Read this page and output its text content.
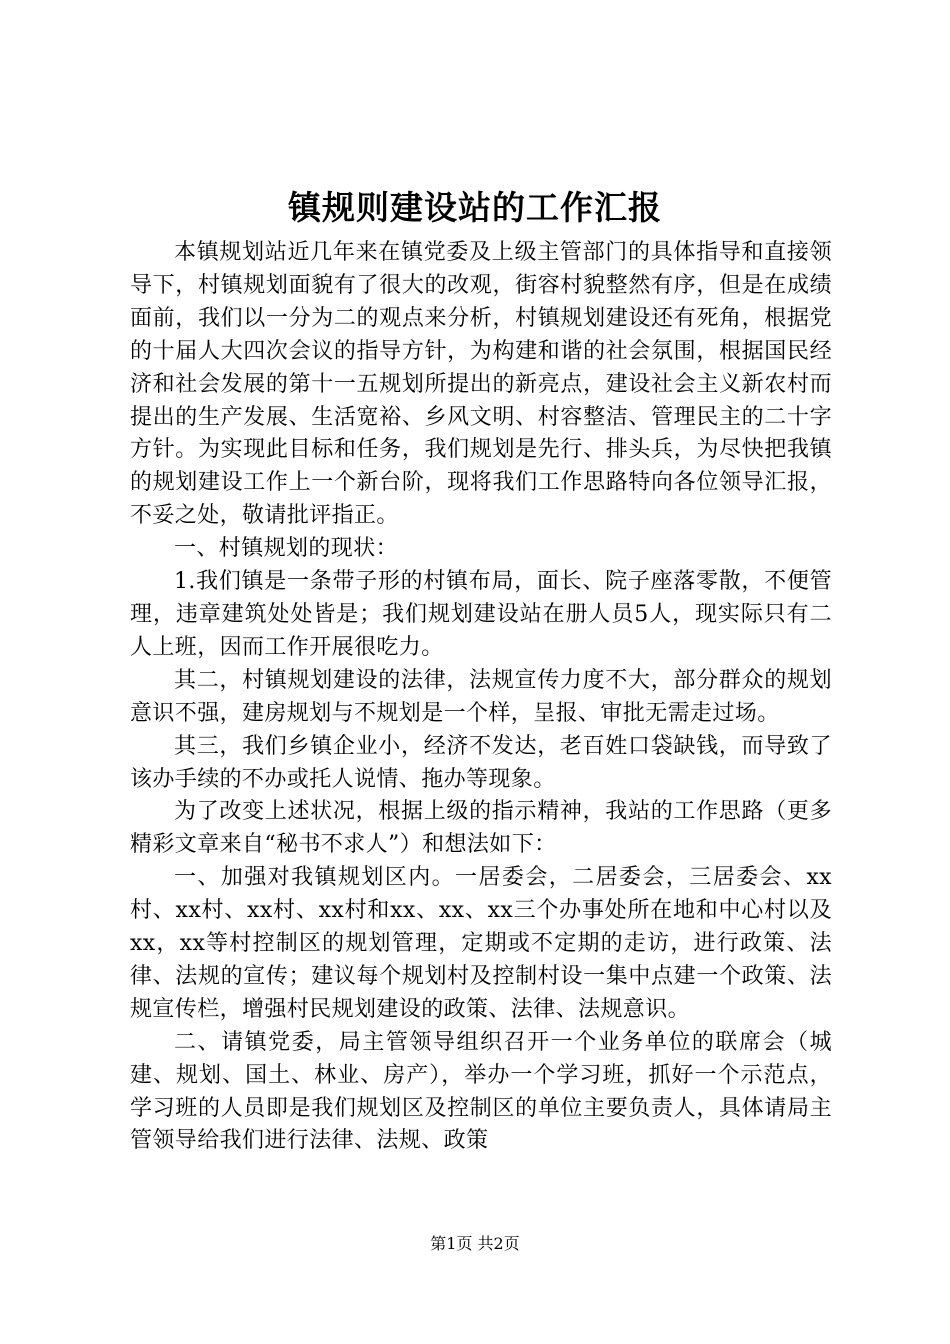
镇规则建设站的工作汇报

本镇规划站近几年来在镇党委及上级主管部门的具体指导和直接领导下，村镇规划面貌有了很大的改观，街容村貌整然有序，但是在成绩面前，我们以一分为二的观点来分析，村镇规划建设还有死角，根据党的十届人大四次会议的指导方针，为构建和谐的社会氛围，根据国民经济和社会发展的第十一五规划所提出的新亮点，建设社会主义新农村而提出的生产发展、生活宽裕、乡风文明、村容整洁、管理民主的二十字方针。为实现此目标和任务，我们规划是先行、排头兵，为尽快把我镇的规划建设工作上一个新台阶，现将我们工作思路特向各位领导汇报，不妥之处，敬请批评指正。

一、村镇规划的现状：

1.我们镇是一条带子形的村镇布局，面长、院子座落零散，不便管理，违章建筑处处皆是；我们规划建设站在册人员5人，现实际只有二人上班，因而工作开展很吃力。

其二，村镇规划建设的法律，法规宣传力度不大，部分群众的规划意识不强，建房规划与不规划是一个样，呈报、审批无需走过场。

其三，我们乡镇企业小，经济不发达，老百姓口袋缺钱，而导致了该办手续的不办或托人说情、拖办等现象。

为了改变上述状况，根据上级的指示精神，我站的工作思路（更多精彩文章来自“秘书不求人”）和想法如下：

一、加强对我镇规划区内。一居委会，二居委会，三居委会、xx村、xx村、xx村、xx村和xx、xx、xx三个办事处所在地和中心村以及xx，xx等村控制区的规划管理，定期或不定期的走访，进行政策、法律、法规的宣传；建议每个规划村及控制村设一集中点建一个政策、法规宣传栏，增强村民规划建设的政策、法律、法规意识。

二、请镇党委，局主管领导组织召开一个业务单位的联席会（城建、规划、国土、林业、房产），举办一个学习班，抓好一个示范点，学习班的人员即是我们规划区及控制区的单位主要负责人，具体请局主管领导给我们进行法律、法规、政策

第1页 共2页
